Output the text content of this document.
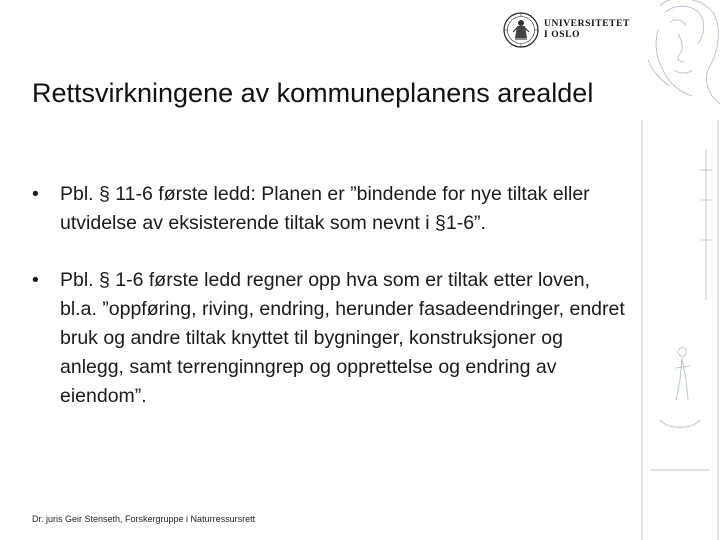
UNIVERSITETET
I OSLO
Rettsvirkningene av kommuneplanens arealdel
• Pbl. § 11-6 første ledd: Planen er ”bindende for nye tiltak eller utvidelse av eksisterende tiltak som nevnt i §1-6”.
• Pbl. § 1-6 første ledd regner opp hva som er tiltak etter loven, bl.a. ”oppføring, riving, endring, herunder fasadeendringer, endret bruk og andre tiltak knyttet til bygninger, konstruksjoner og anlegg, samt terrenginngrep og opprettelse og endring av eiendom”.
Dr. juris Geir Stenseth, Forskergruppe i Naturressursrett
